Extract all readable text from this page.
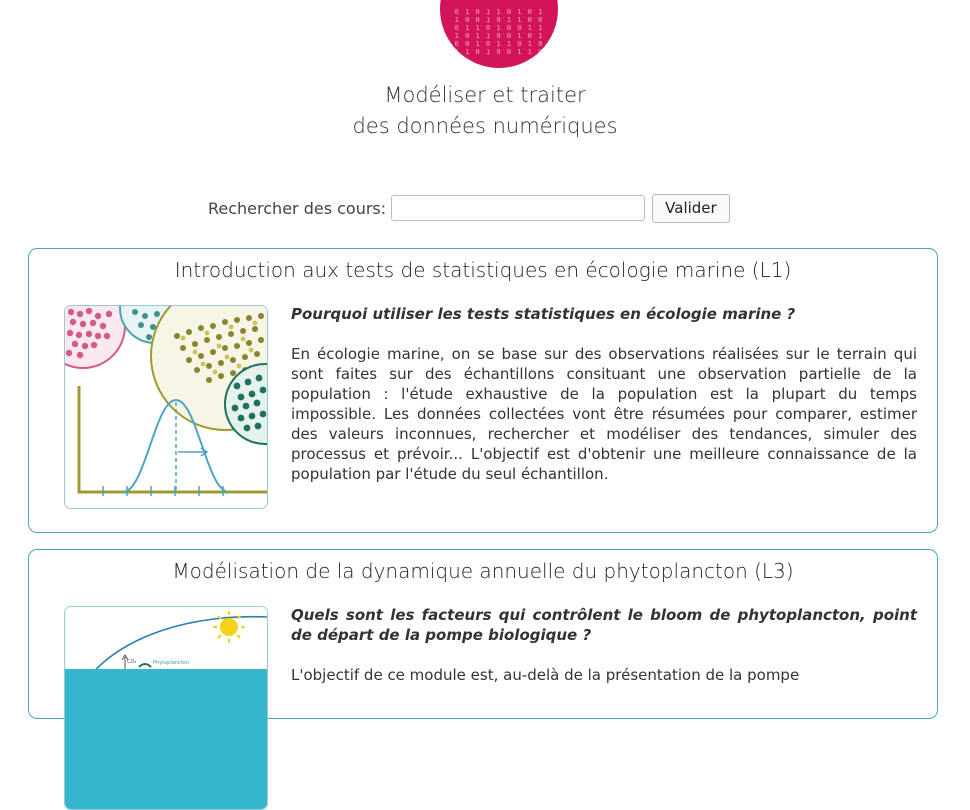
0 1 0 1 1 0 1 0 1
1 0 0 1 0 1 1 0 0
0 1 1 0 1 0 0 1 1
1 0 1 1 0 0 1 0 1
0 0 1 0 1 1 0 1 0
1 1 0 1 0 0 1 1 0
Modéliser et traiter
des données numériques
Rechercher des cours:	Valider
Introduction aux tests de statistiques en écologie marine (L1)

Pourquoi utiliser les tests statistiques en écologie marine ?

En écologie marine, on se base sur des observations réalisées sur le terrain qui sont faites sur des échantillons consituant une observation partielle de la population : l'étude exhaustive de la population est la plupart du temps impossible. Les données collectées vont être résumées pour comparer, estimer des valeurs inconnues, rechercher et modéliser des tendances, simuler des processus et prévoir... L'objectif est d'obtenir une meilleure connaissance de la population par l'étude du seul échantillon.

Modélisation de la dynamique annuelle du phytoplancton (L3)
CO₂	Phytoplancton

Quels sont les facteurs qui contrôlent le bloom de phytoplancton, point de départ de la pompe biologique ?

L'objectif de ce module est, au-delà de la présentation de la pompe
